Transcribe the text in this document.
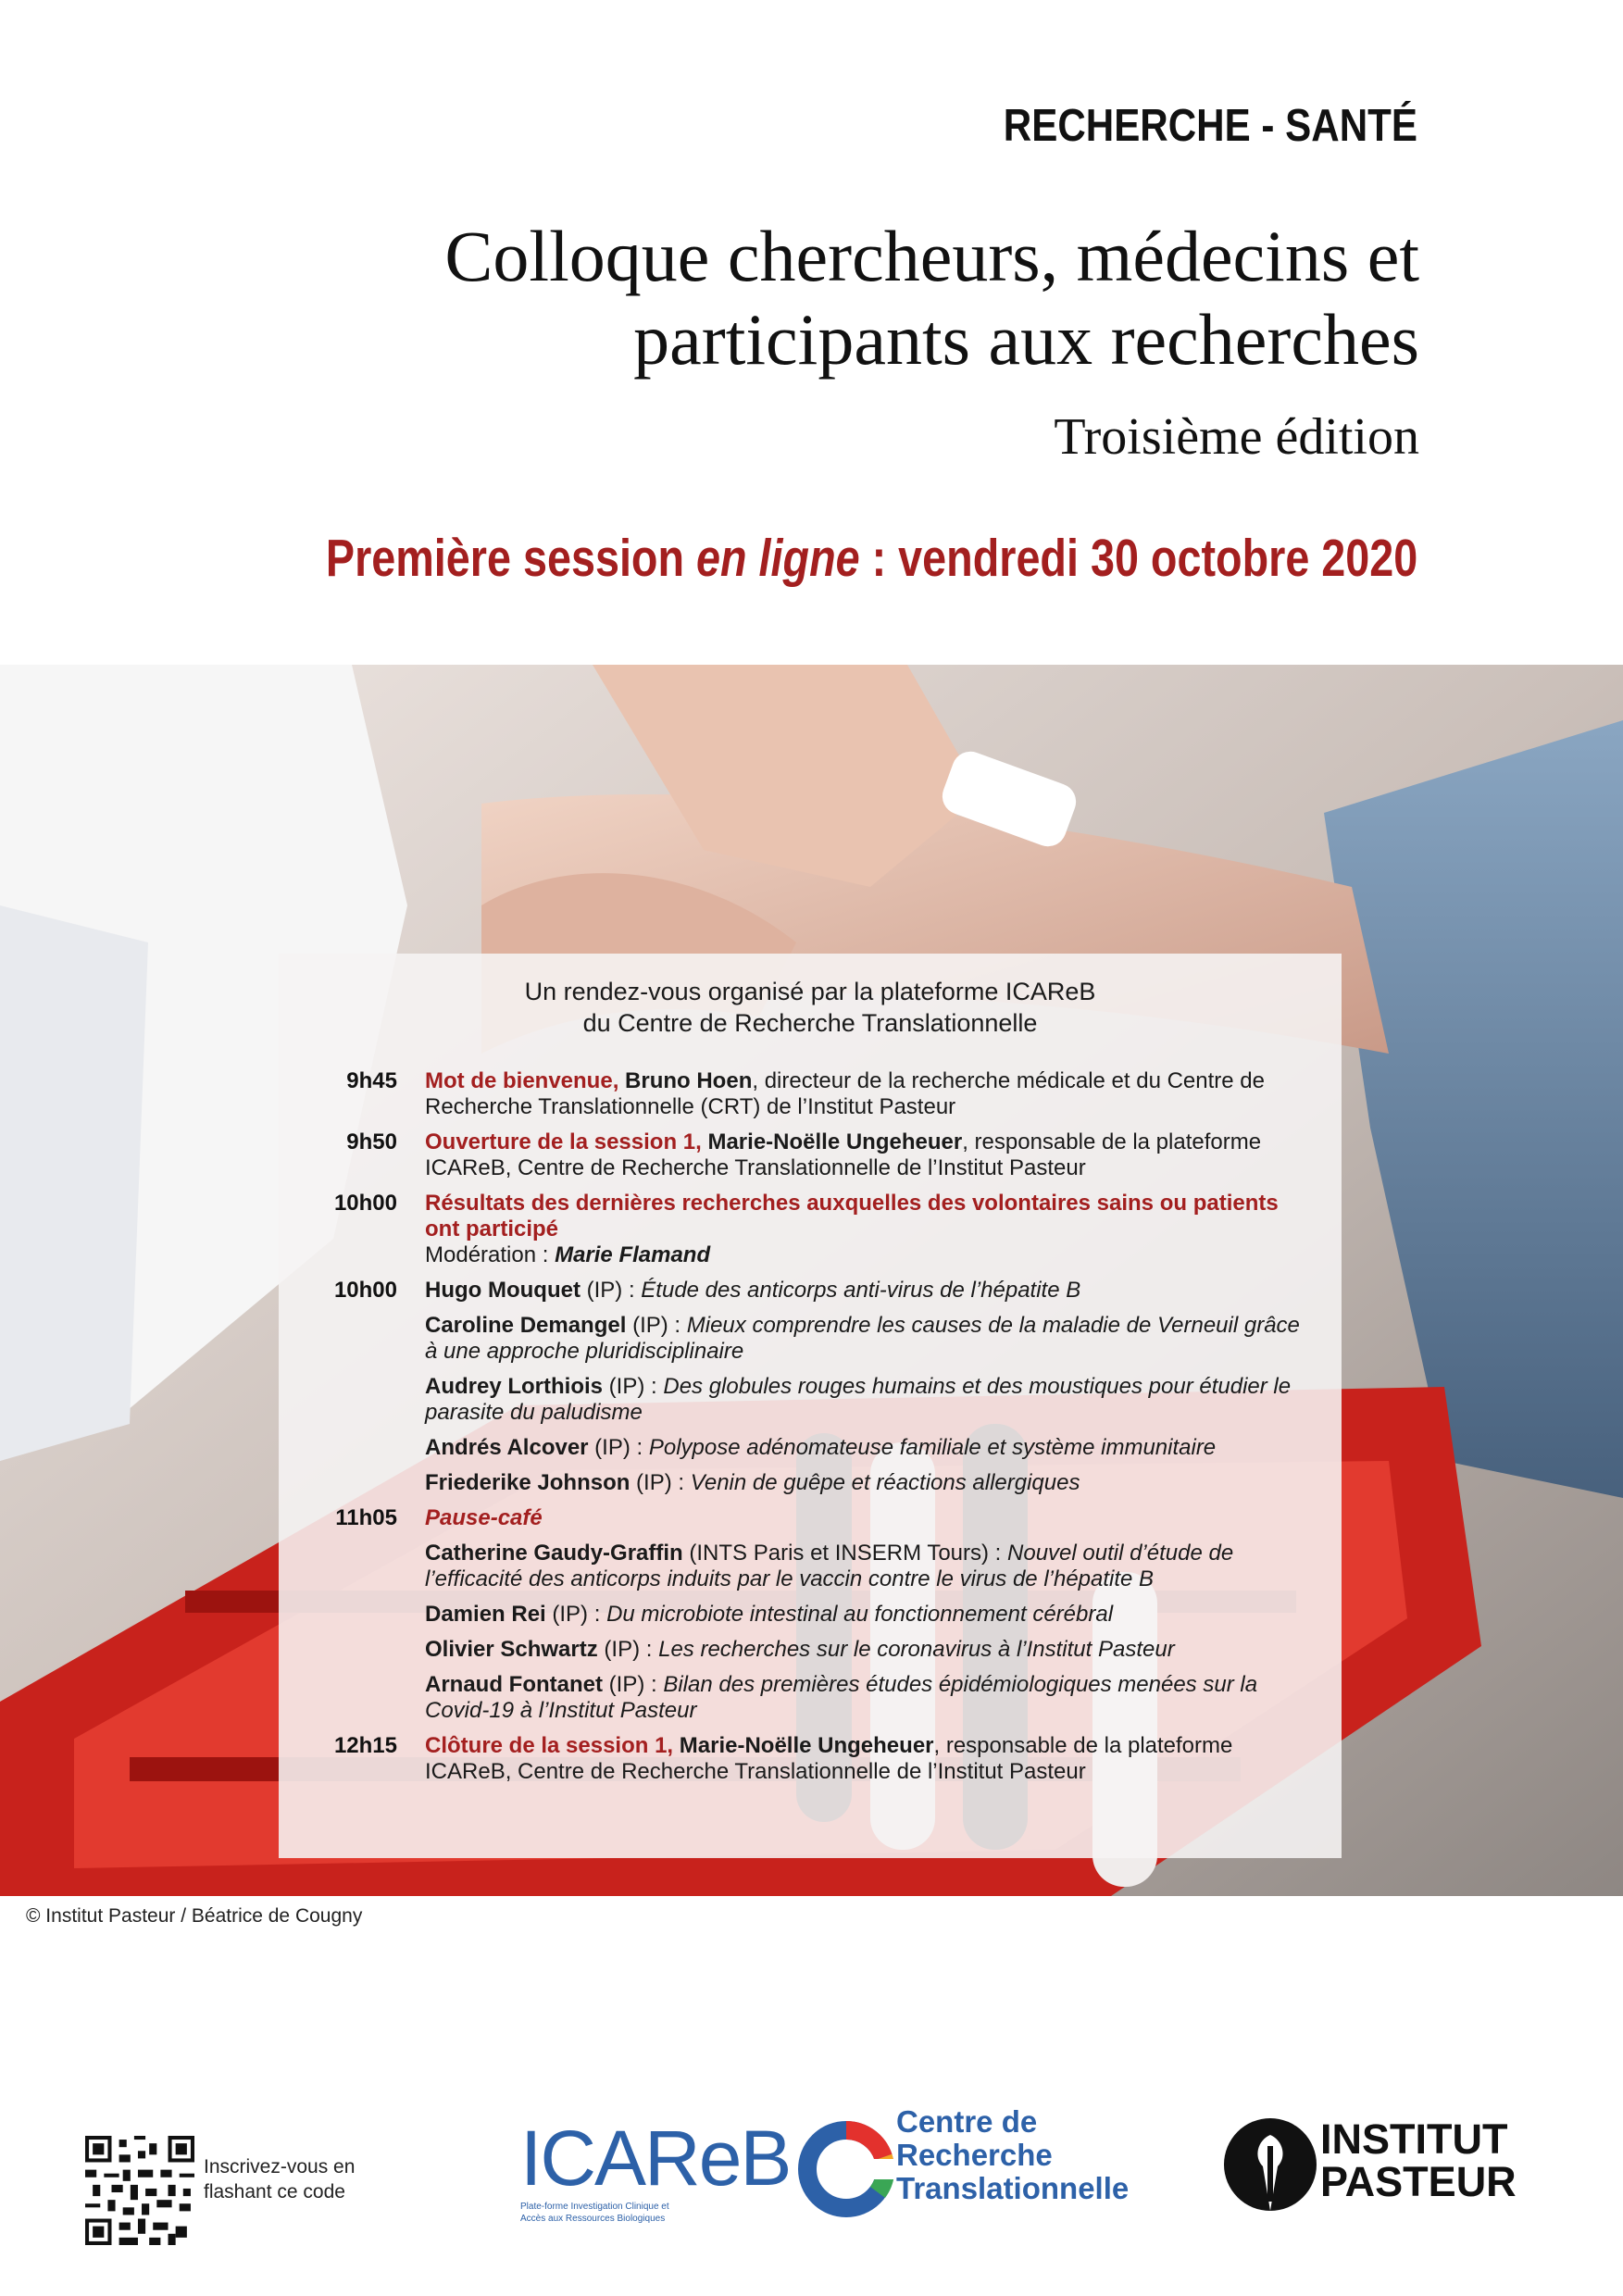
RECHERCHE - SANTÉ
Colloque chercheurs, médecins et
participants aux recherches
Troisième édition
Première session en ligne : vendredi 30 octobre 2020
© Institut Pasteur / Béatrice de Cougny
Un rendez-vous organisé par la plateforme ICAReB
du Centre de Recherche Translationnelle
9h45 Mot de bienvenue, Bruno Hoen, directeur de la recherche médicale et du Centre de Recherche Translationnelle (CRT) de l’Institut Pasteur
9h50 Ouverture de la session 1, Marie-Noëlle Ungeheuer, responsable de la plateforme ICAReB, Centre de Recherche Translationnelle de l’Institut Pasteur
10h00 Résultats des dernières recherches auxquelles des volontaires sains ou patients ont participé
Modération : Marie Flamand
10h00 Hugo Mouquet (IP) : Étude des anticorps anti-virus de l’hépatite B
Caroline Demangel (IP) : Mieux comprendre les causes de la maladie de Verneuil grâce à une approche pluridisciplinaire
Audrey Lorthiois (IP) : Des globules rouges humains et des moustiques pour étudier le parasite du paludisme
Andrés Alcover (IP) : Polypose adénomateuse familiale et système immunitaire
Friederike Johnson (IP) : Venin de guêpe et réactions allergiques
11h05 Pause-café
Catherine Gaudy-Graffin (INTS Paris et INSERM Tours) : Nouvel outil d’étude de l’efficacité des anticorps induits par le vaccin contre le virus de l’hépatite B
Damien Rei (IP) : Du microbiote intestinal au fonctionnement cérébral
Olivier Schwartz (IP) : Les recherches sur le coronavirus à l’Institut Pasteur
Arnaud Fontanet (IP) : Bilan des premières études épidémiologiques menées sur la Covid-19 à l’Institut Pasteur
12h15 Clôture de la session 1, Marie-Noëlle Ungeheuer, responsable de la plateforme ICAReB, Centre de Recherche Translationnelle de l’Institut Pasteur
Inscrivez-vous en
flashant ce code ICAReB
Plate-forme Investigation Clinique et
Accès aux Ressources Biologiques
Centre de
Recherche
Translationnelle
INSTITUT
PASTEUR
